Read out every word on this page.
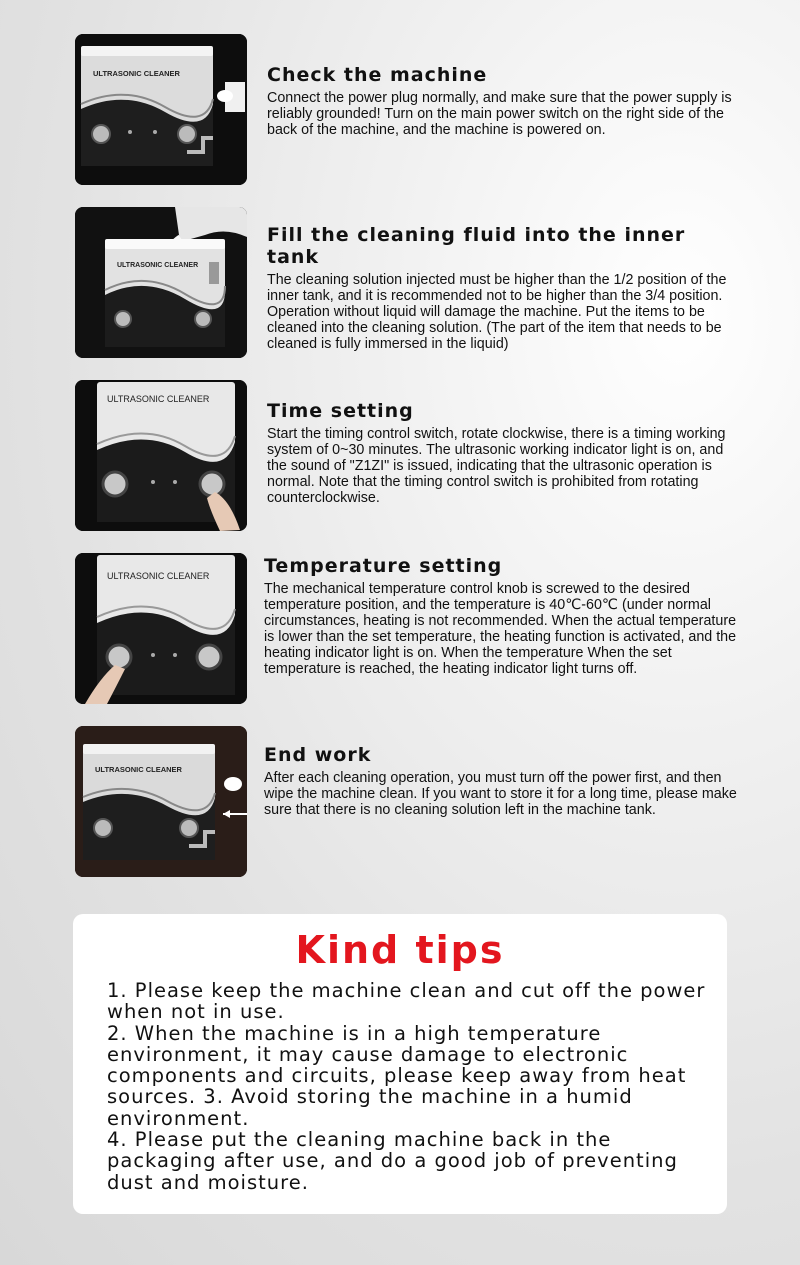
ULTRASONIC CLEANER	Check the machine

Connect the power plug normally, and make sure that the power supply is reliably grounded! Turn on the main power switch on the right side of the back of the machine, and the machine is powered on.

ULTRASONIC CLEANER
Fill the cleaning fluid into the inner tank

The cleaning solution injected must be higher than the 1/2 position of the inner tank, and it is recommended not to be higher than the 3/4 position. Operation without liquid will damage the machine. Put the items to be cleaned into the cleaning solution. (The part of the item that needs to be cleaned is fully immersed in the liquid)

ULTRASONIC CLEANER
Time setting

Start the timing control switch, rotate clockwise, there is a timing working system of 0~30 minutes. The ultrasonic working indicator light is on, and the sound of "Z1ZI" is issued, indicating that the ultrasonic operation is normal. Note that the timing control switch is prohibited from rotating counterclockwise.

ULTRASONIC CLEANER	Temperature setting

The mechanical temperature control knob is screwed to the desired temperature position, and the temperature is 40℃-60℃ (under normal circumstances, heating is not recommended. When the actual temperature is lower than the set temperature, the heating function is activated, and the heating indicator light is on. When the temperature When the set temperature is reached, the heating indicator light turns off.

ULTRASONIC CLEANER
End work

After each cleaning operation, you must turn off the power first, and then wipe the machine clean. If you want to store it for a long time, please make sure that there is no cleaning solution left in the machine tank.

Kind tips
1. Please keep the machine clean and cut off the power when not in use.
2. When the machine is in a high temperature environment, it may cause damage to electronic components and circuits, please keep away from heat sources. 3. Avoid storing the machine in a humid environment.
4. Please put the cleaning machine back in the packaging after use, and do a good job of preventing dust and moisture.
